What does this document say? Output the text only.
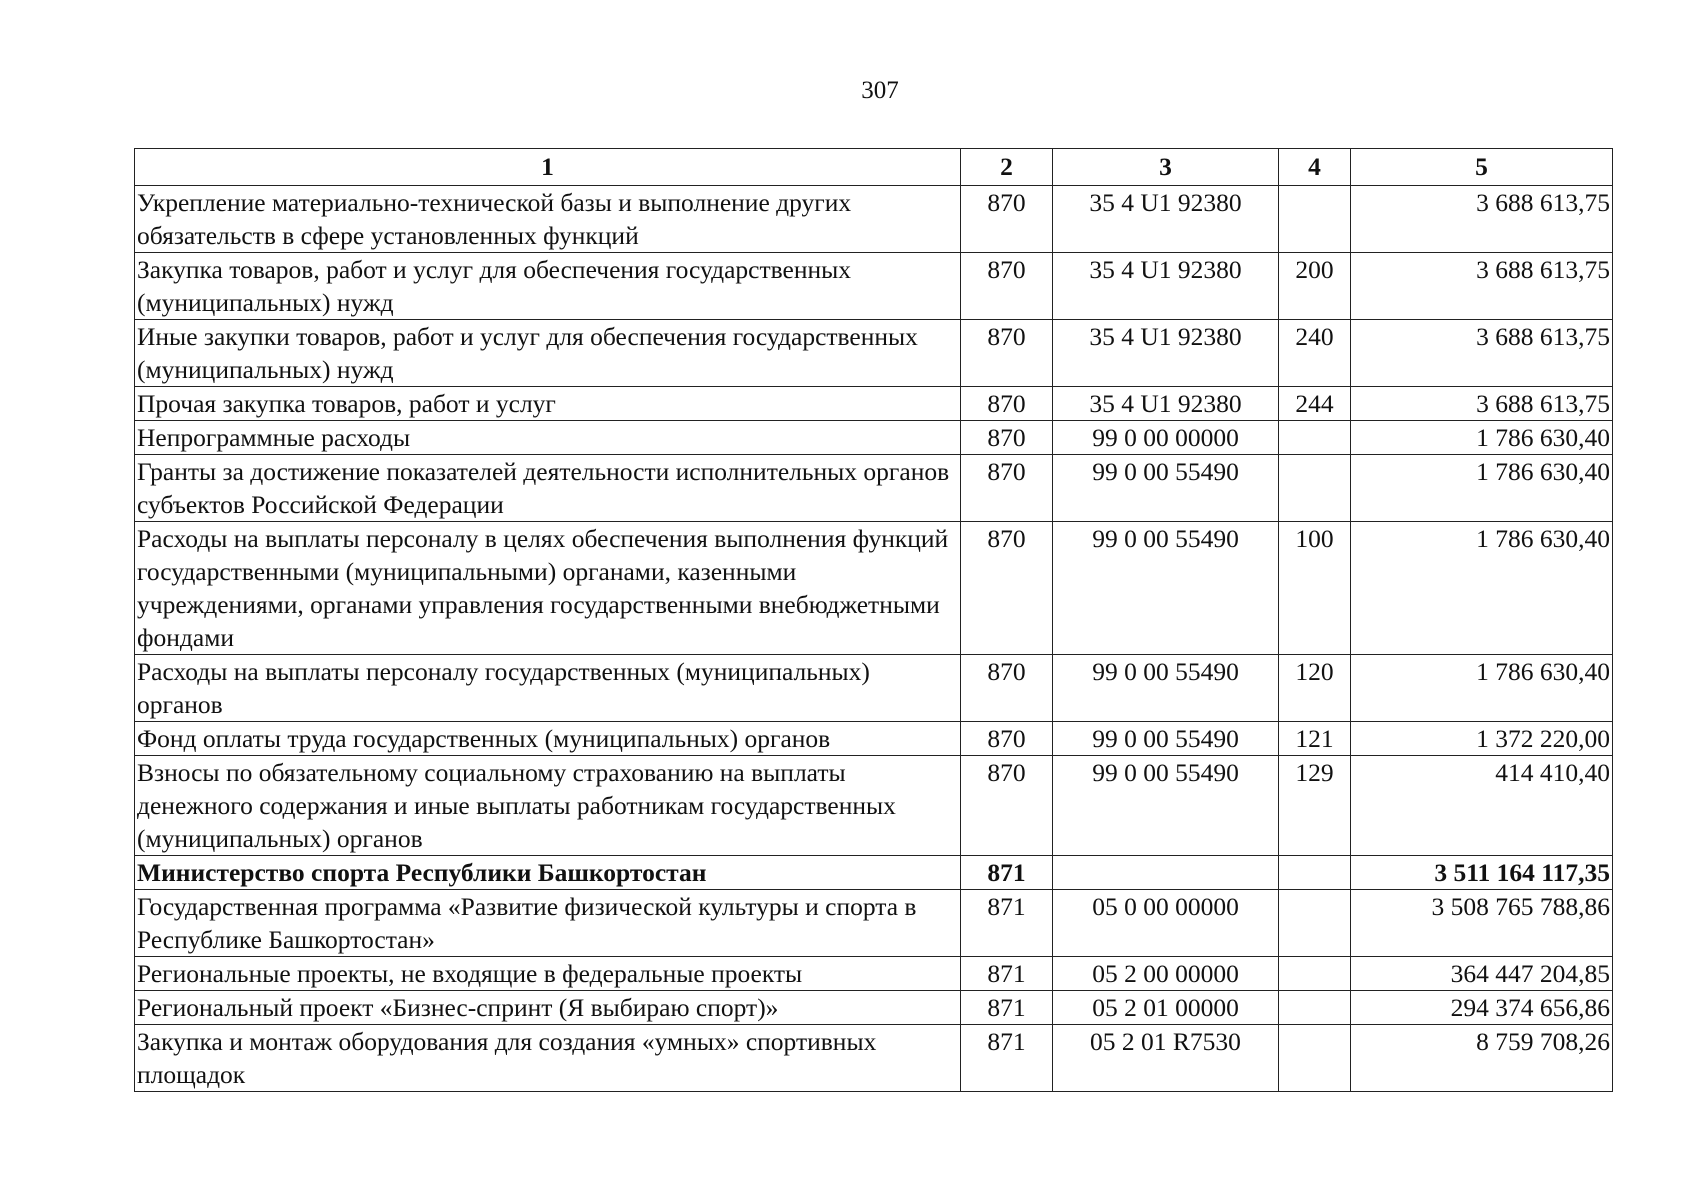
307
1	2	3	4	5
Укрепление материально-технической базы и выполнение других обязательств в сфере установленных функций	870	35 4 U1 92380		3 688 613,75
Закупка товаров, работ и услуг для обеспечения государственных (муниципальных) нужд	870	35 4 U1 92380	200	3 688 613,75
Иные закупки товаров, работ и услуг для обеспечения государственных (муниципальных) нужд	870	35 4 U1 92380	240	3 688 613,75
Прочая закупка товаров, работ и услуг	870	35 4 U1 92380	244	3 688 613,75
Непрограммные расходы	870	99 0 00 00000		1 786 630,40
Гранты за достижение показателей деятельности исполнительных органов субъектов Российской Федерации	870	99 0 00 55490		1 786 630,40
Расходы на выплаты персоналу в целях обеспечения выполнения функций государственными (муниципальными) органами, казенными учреждениями, органами управления государственными внебюджетными фондами	870	99 0 00 55490	100	1 786 630,40
Расходы на выплаты персоналу государственных (муниципальных) органов	870	99 0 00 55490	120	1 786 630,40
Фонд оплаты труда государственных (муниципальных) органов	870	99 0 00 55490	121	1 372 220,00
Взносы по обязательному социальному страхованию на выплаты денежного содержания и иные выплаты работникам государственных (муниципальных) органов	870	99 0 00 55490	129	414 410,40
Министерство спорта Республики Башкортостан	871			3 511 164 117,35
Государственная программа «Развитие физической культуры и спорта в Республике Башкортостан»	871	05 0 00 00000		3 508 765 788,86
Региональные проекты, не входящие в федеральные проекты	871	05 2 00 00000		364 447 204,85
Региональный проект «Бизнес-спринт (Я выбираю спорт)»	871	05 2 01 00000		294 374 656,86
Закупка и монтаж оборудования для создания «умных» спортивных площадок	871	05 2 01 R7530		8 759 708,26
